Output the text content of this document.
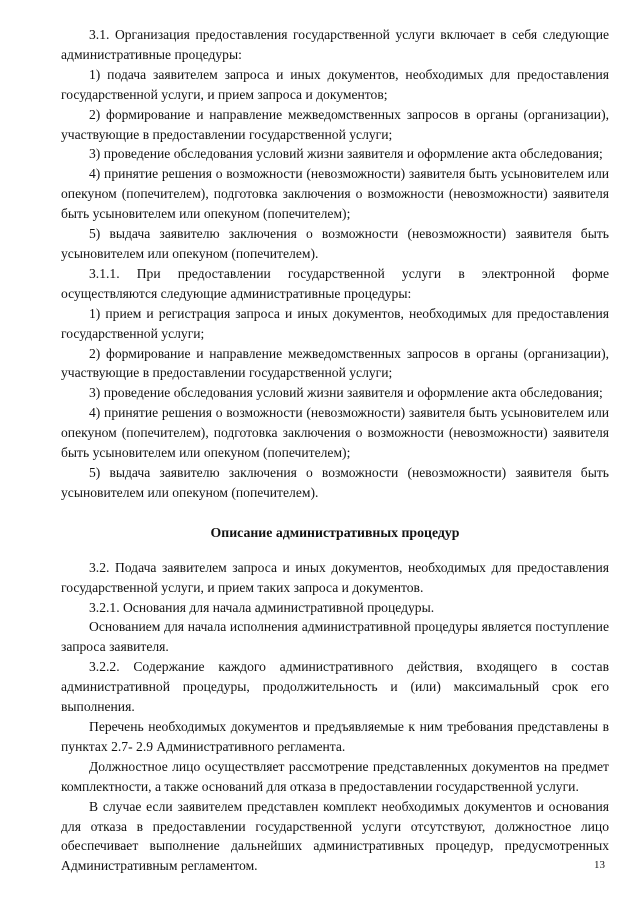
3.1. Организация предоставления государственной услуги включает в себя следующие административные процедуры:

1) подача заявителем запроса и иных документов, необходимых для предоставления государственной услуги, и прием запроса и документов;

2) формирование и направление межведомственных запросов в органы (организации), участвующие в предоставлении государственной услуги;

3) проведение обследования условий жизни заявителя и оформление акта обследования;

4) принятие решения о возможности (невозможности) заявителя быть усыновителем или опекуном (попечителем), подготовка заключения о возможности (невозможности) заявителя быть усыновителем или опекуном (попечителем);

5) выдача заявителю заключения о возможности (невозможности) заявителя быть усыновителем или опекуном (попечителем).

3.1.1. При предоставлении государственной услуги в электронной форме осуществляются следующие административные процедуры:

1) прием и регистрация запроса и иных документов, необходимых для предоставления государственной услуги;

2) формирование и направление межведомственных запросов в органы (организации), участвующие в предоставлении государственной услуги;

3) проведение обследования условий жизни заявителя и оформление акта обследования;

4) принятие решения о возможности (невозможности) заявителя быть усыновителем или опекуном (попечителем), подготовка заключения о возможности (невозможности) заявителя быть усыновителем или опекуном (попечителем);

5) выдача заявителю заключения о возможности (невозможности) заявителя быть усыновителем или опекуном (попечителем).

Описание административных процедур

3.2. Подача заявителем запроса и иных документов, необходимых для предоставления государственной услуги, и прием таких запроса и документов.

3.2.1. Основания для начала административной процедуры.

Основанием для начала исполнения административной процедуры является поступление запроса заявителя.

3.2.2. Содержание каждого административного действия, входящего в состав административной процедуры, продолжительность и (или) максимальный срок его выполнения.

Перечень необходимых документов и предъявляемые к ним требования представлены в пунктах 2.7- 2.9 Административного регламента.

Должностное лицо осуществляет рассмотрение представленных документов на предмет комплектности, а также оснований для отказа в предоставлении государственной услуги.

В случае если заявителем представлен комплект необходимых документов и основания для отказа в предоставлении государственной услуги отсутствуют, должностное лицо обеспечивает выполнение дальнейших административных процедур, предусмотренных Административным регламентом.	13
